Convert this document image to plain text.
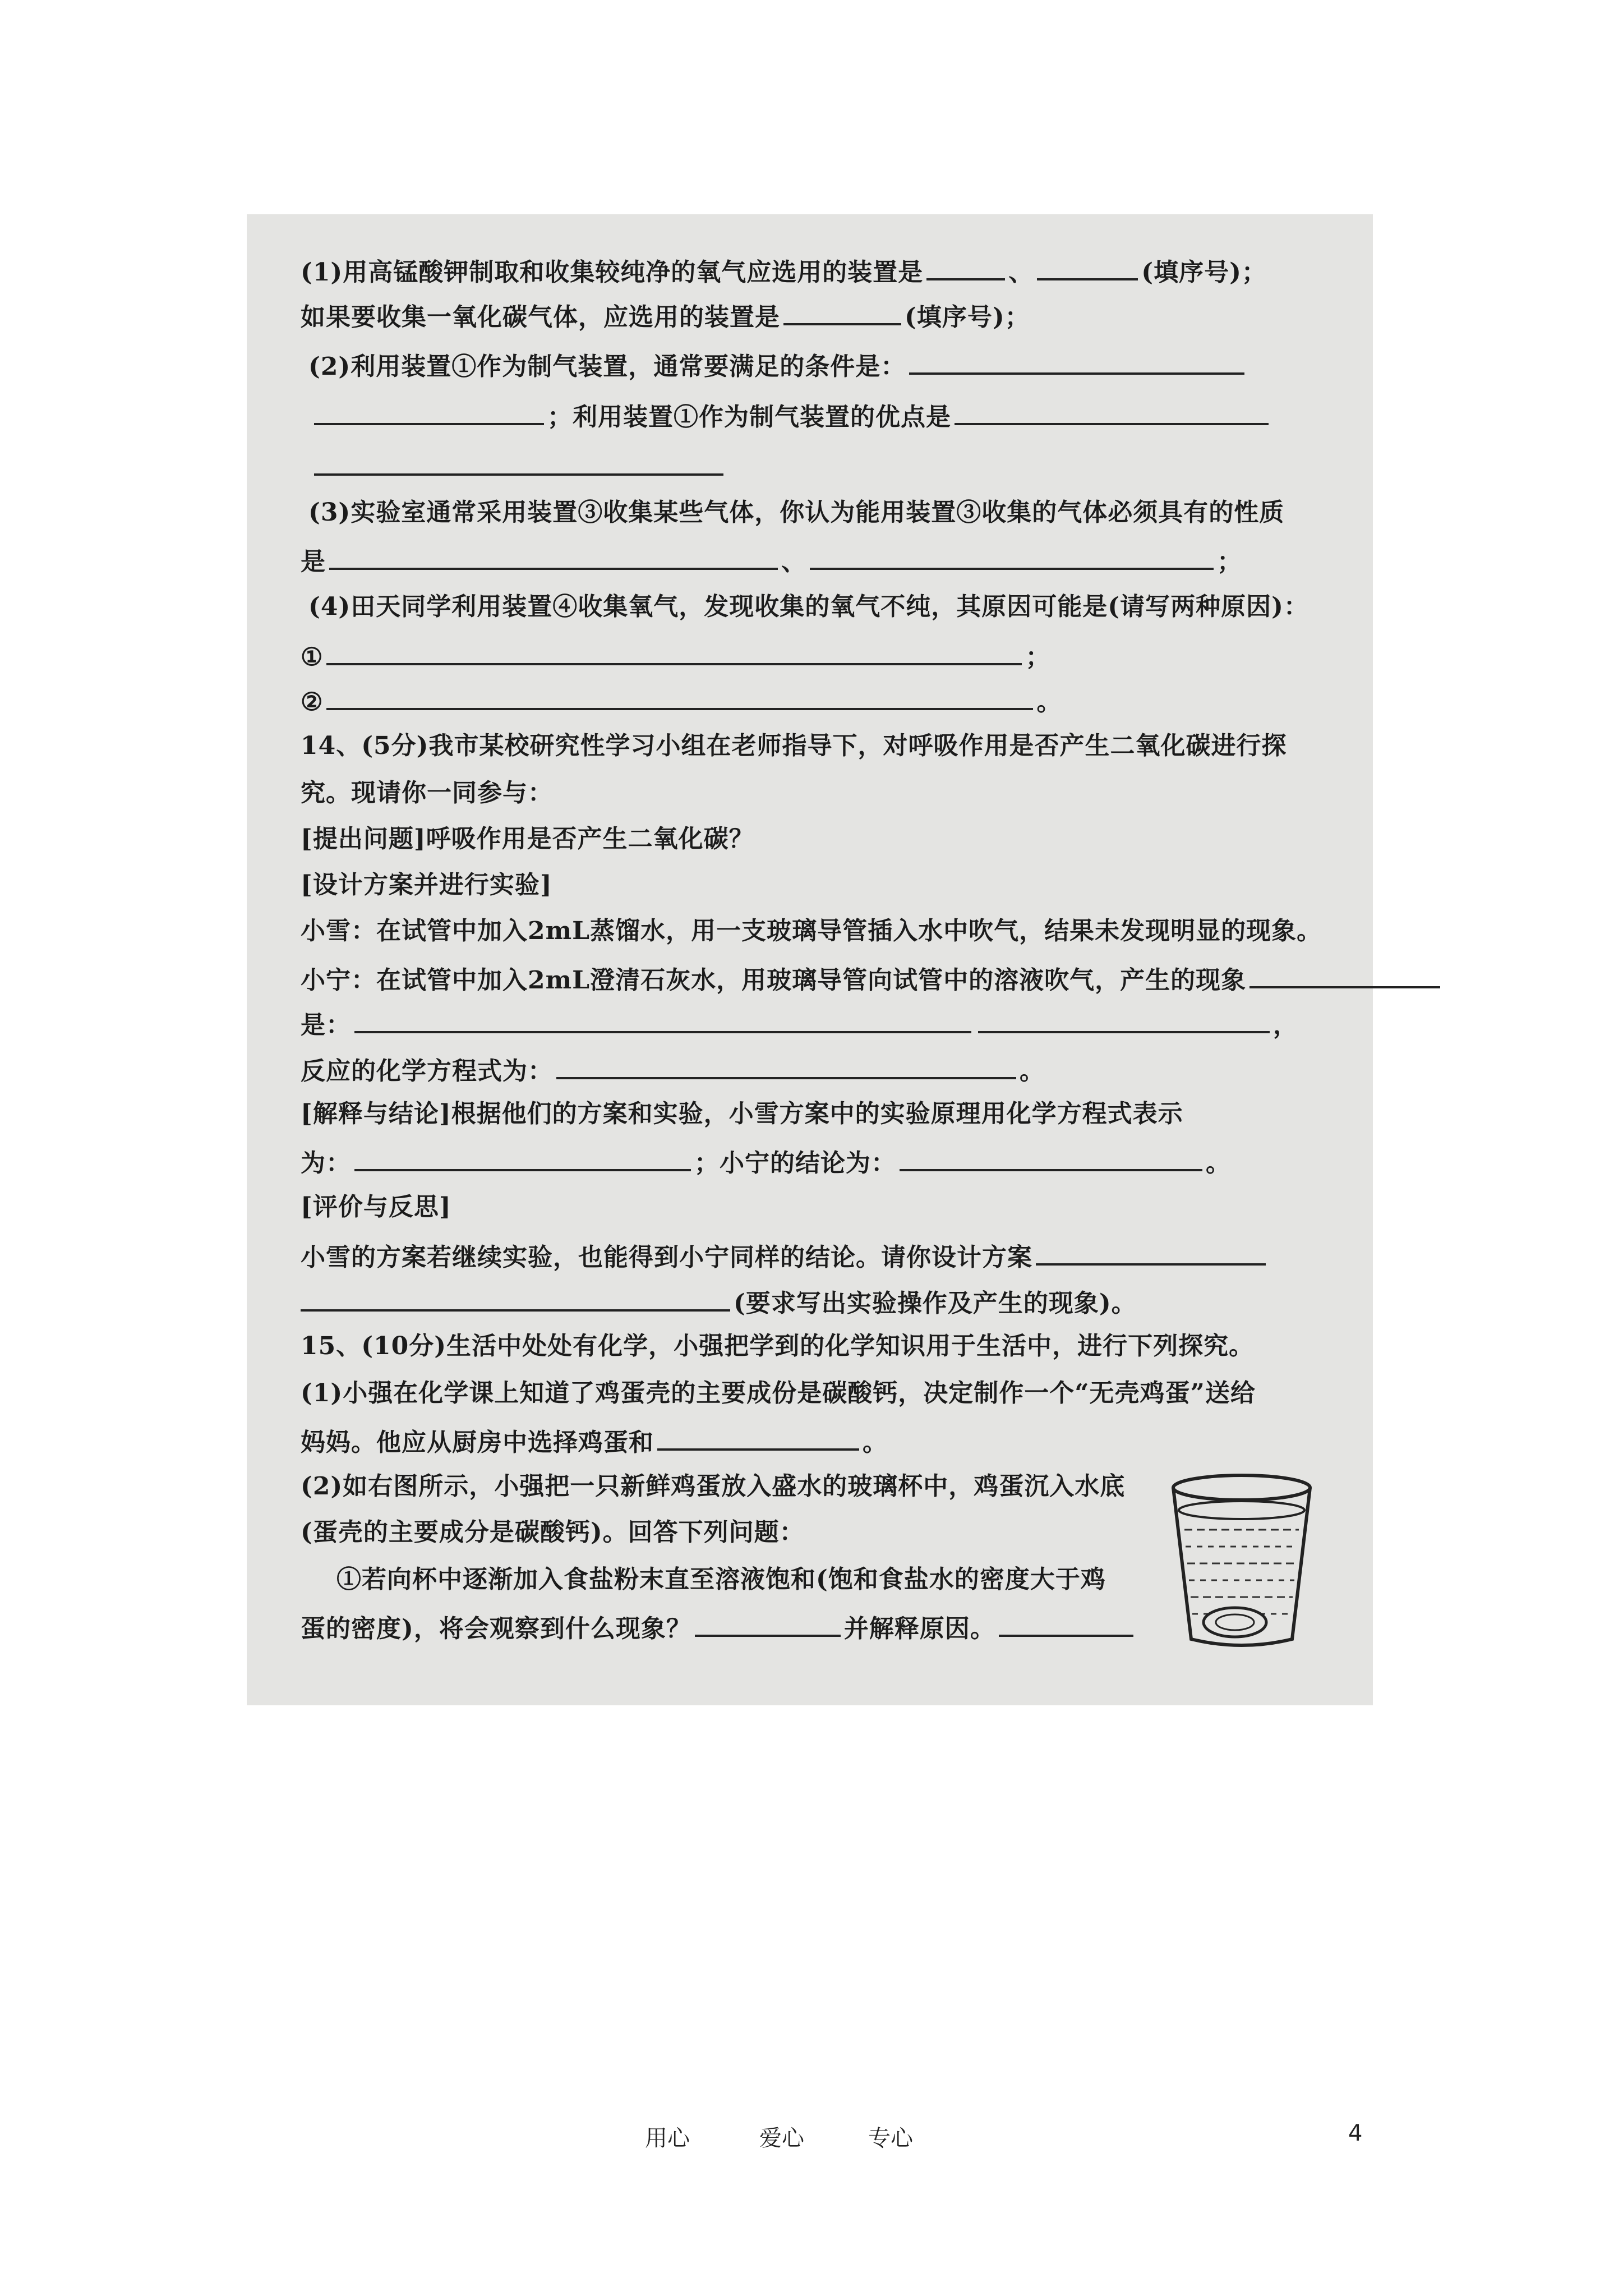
(1)用高锰酸钾制取和收集较纯净的氧气应选用的装置是	、	(填序号)；
如果要收集一氧化碳气体，应选用的装置是	(填序号)；
(2)利用装置①作为制气装置，通常要满足的条件是：
；利用装置①作为制气装置的优点是
(3)实验室通常采用装置③收集某些气体，你认为能用装置③收集的气体必须具有的性质
是	、	；
(4)田天同学利用装置④收集氧气，发现收集的氧气不纯，其原因可能是(请写两种原因)：
①	；
②	。
14、(5分)我市某校研究性学习小组在老师指导下，对呼吸作用是否产生二氧化碳进行探
究。现请你一同参与：
[提出问题]呼吸作用是否产生二氧化碳？
[设计方案并进行实验]
小雪：在试管中加入2mL蒸馏水，用一支玻璃导管插入水中吹气，结果未发现明显的现象。
小宁：在试管中加入2mL澄清石灰水，用玻璃导管向试管中的溶液吹气，产生的现象
是：	，
反应的化学方程式为：	。
[解释与结论]根据他们的方案和实验，小雪方案中的实验原理用化学方程式表示
为：	；小宁的结论为：	。
[评价与反思]
小雪的方案若继续实验，也能得到小宁同样的结论。请你设计方案
(要求写出实验操作及产生的现象)。
15、(10分)生活中处处有化学，小强把学到的化学知识用于生活中，进行下列探究。
(1)小强在化学课上知道了鸡蛋壳的主要成份是碳酸钙，决定制作一个“无壳鸡蛋”送给
妈妈。他应从厨房中选择鸡蛋和	。
(2)如右图所示，小强把一只新鲜鸡蛋放入盛水的玻璃杯中，鸡蛋沉入水底
(蛋壳的主要成分是碳酸钙)。回答下列问题：
①若向杯中逐渐加入食盐粉末直至溶液饱和(饱和食盐水的密度大于鸡
蛋的密度)，将会观察到什么现象？	并解释原因。
用心	爱心	专心	4
